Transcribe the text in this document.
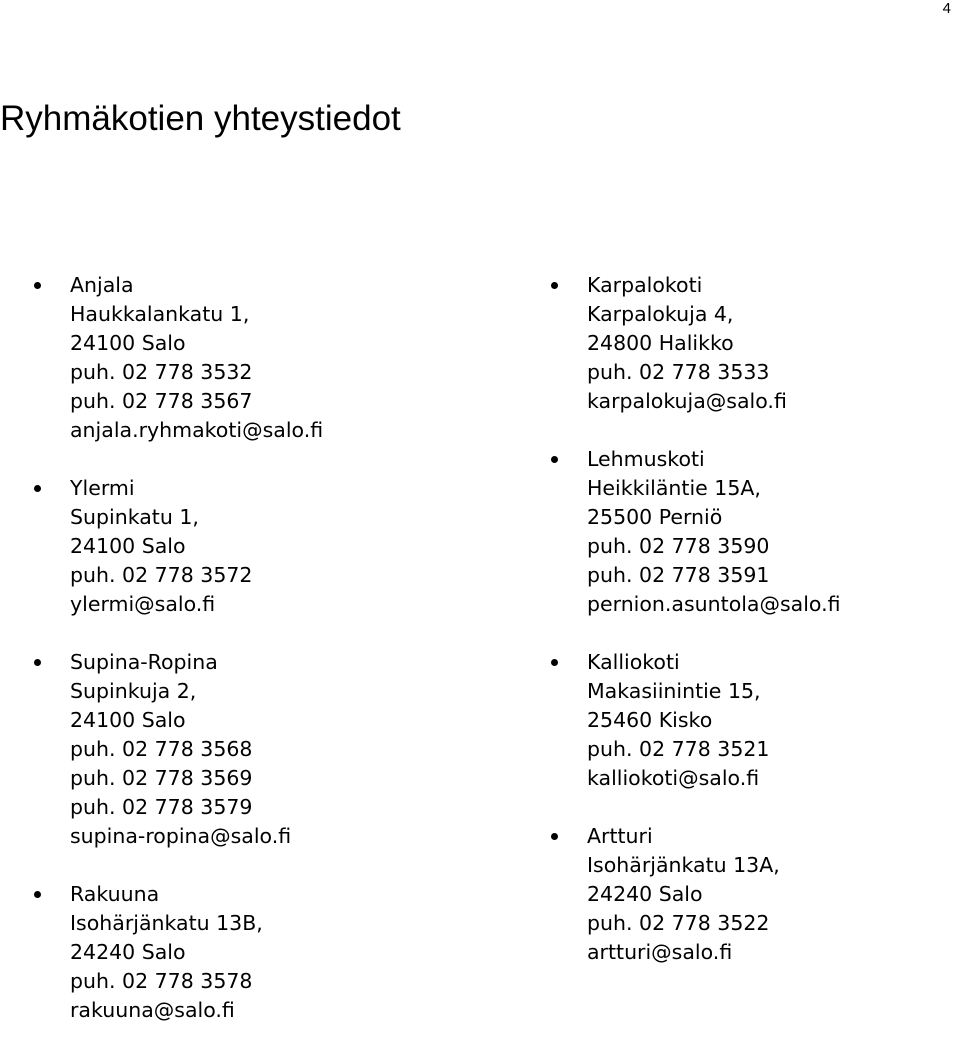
4
Ryhmäkotien yhteystiedot
Anjala
Haukkalankatu 1,
24100 Salo
puh. 02 778 3532
puh. 02 778 3567
anjala.ryhmakoti@salo.fi
Ylermi
Supinkatu 1,
24100 Salo
puh. 02 778 3572
ylermi@salo.fi
Supina-Ropina
Supinkuja 2,
24100 Salo
puh. 02 778 3568
puh. 02 778 3569
puh. 02 778 3579
supina-ropina@salo.fi
Rakuuna
Isohärjänkatu 13B,
24240 Salo
puh. 02 778 3578
rakuuna@salo.fi
Karpalokoti
Karpalokuja 4,
24800 Halikko
puh. 02 778 3533
karpalokuja@salo.fi
Lehmuskoti
Heikkiläntie 15A,
25500 Perniö
puh. 02 778 3590
puh. 02 778 3591
pernion.asuntola@salo.fi
Kalliokoti
Makasiinintie 15,
25460 Kisko
puh. 02 778 3521
kalliokoti@salo.fi
Artturi
Isohärjänkatu 13A,
24240 Salo
puh. 02 778 3522
artturi@salo.fi
